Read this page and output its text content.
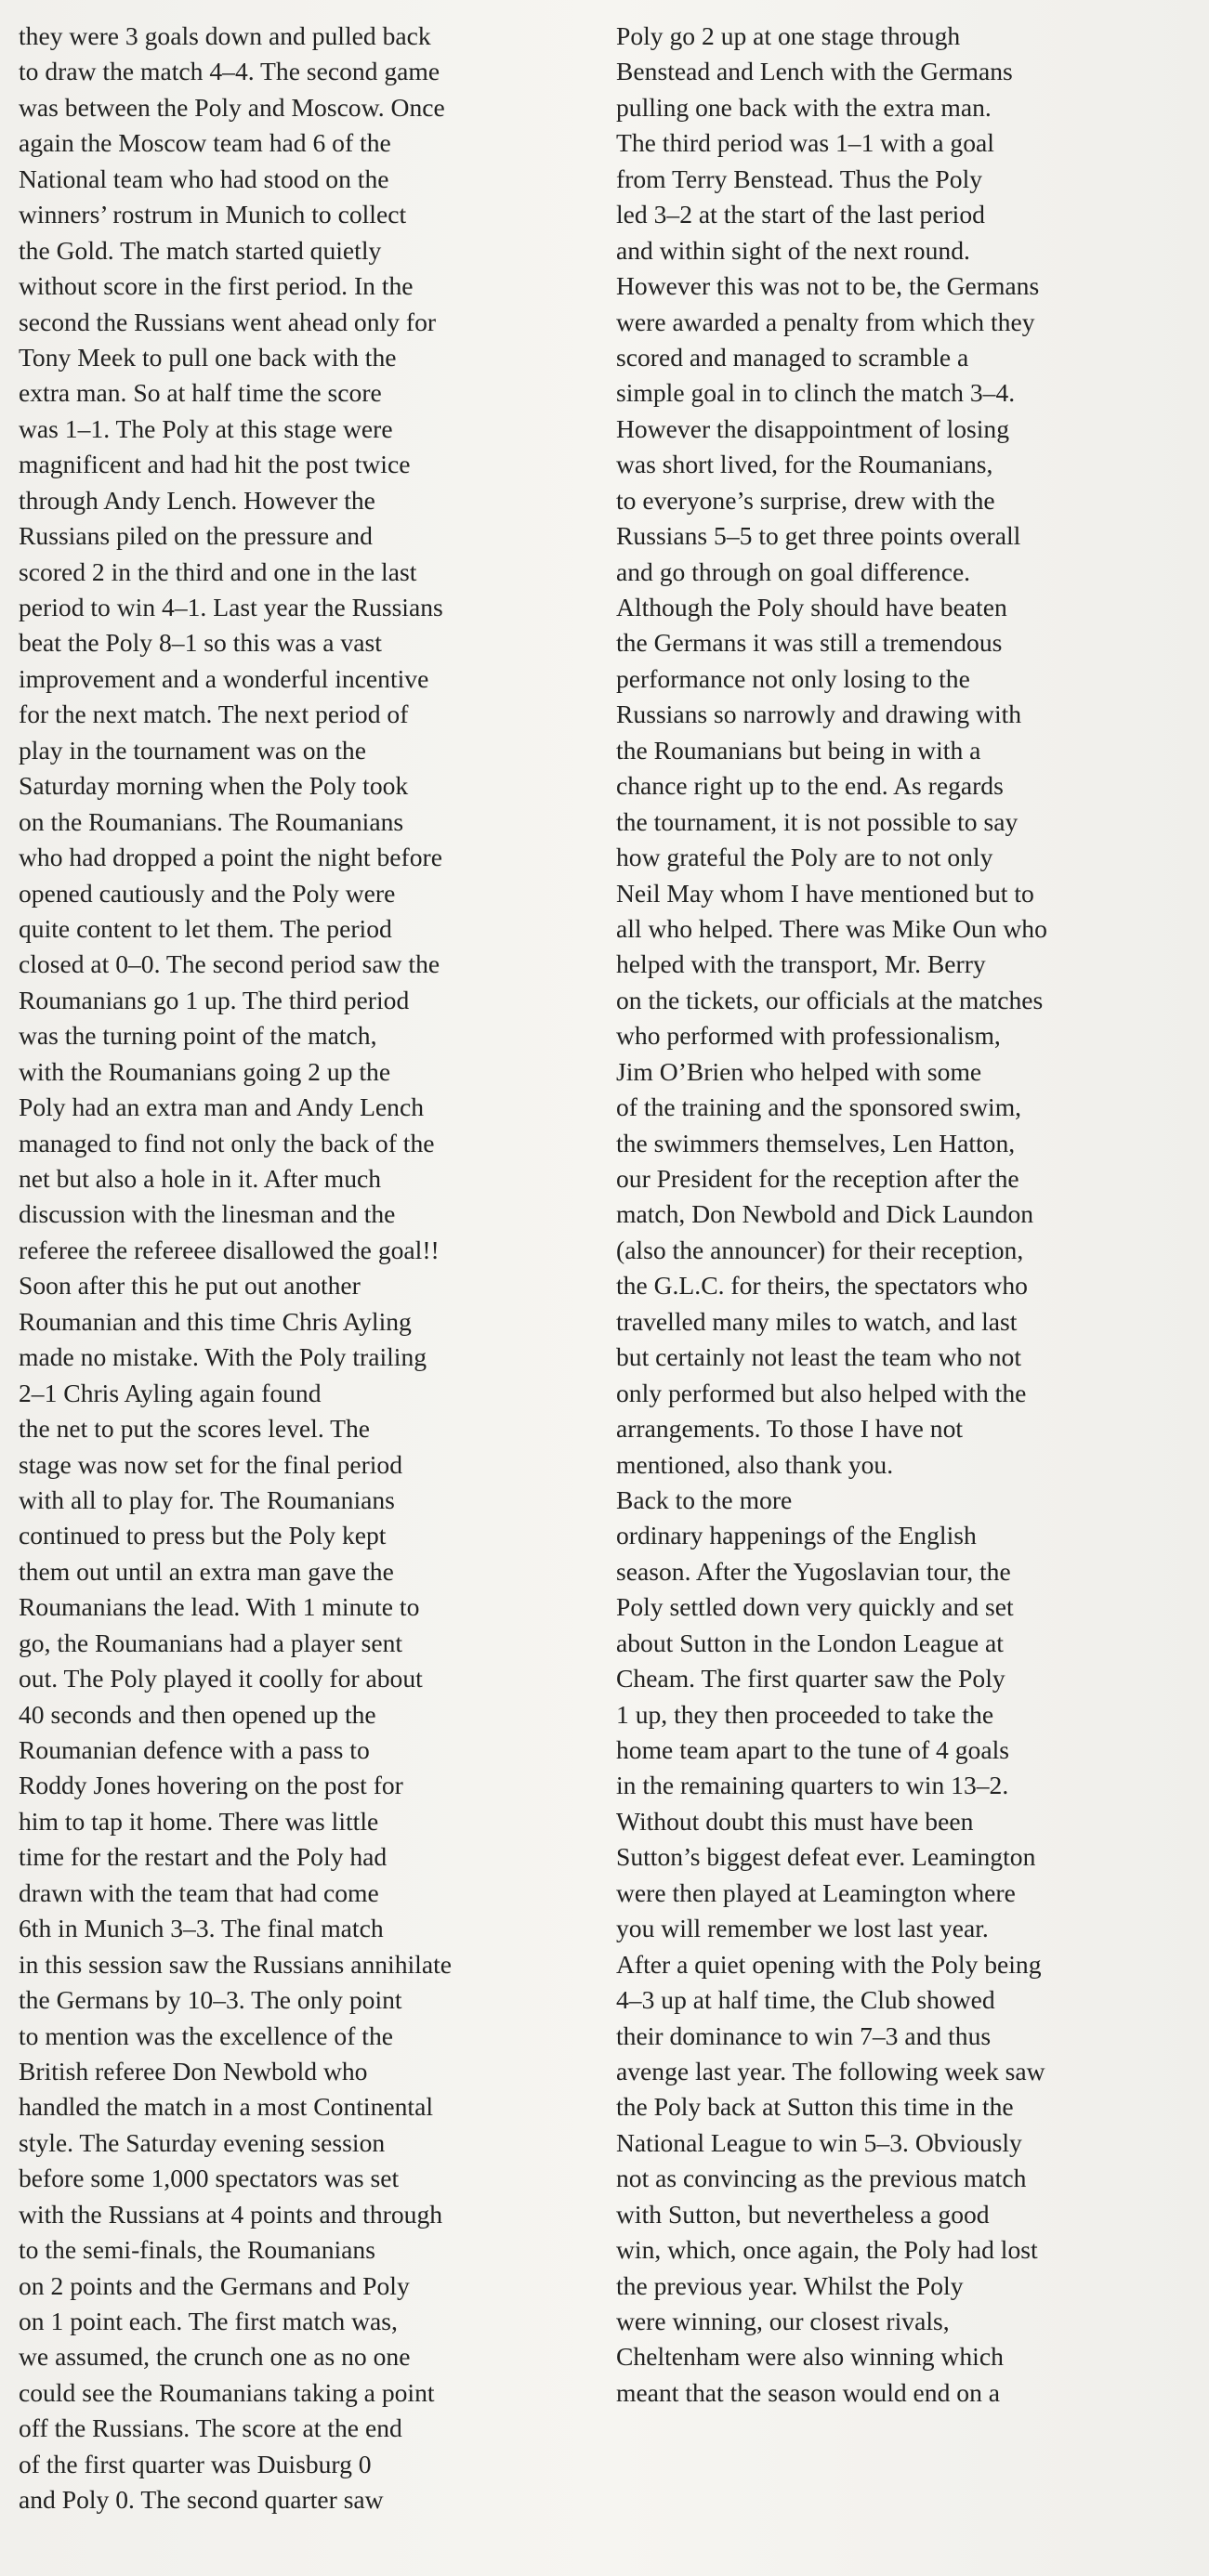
they were 3 goals down and pulled back
to draw the match 4–4. The second game
was between the Poly and Moscow. Once
again the Moscow team had 6 of the
National team who had stood on the
winners’ rostrum in Munich to collect
the Gold. The match started quietly
without score in the first period. In the
second the Russians went ahead only for
Tony Meek to pull one back with the
extra man. So at half time the score
was 1–1. The Poly at this stage were
magnificent and had hit the post twice
through Andy Lench. However the
Russians piled on the pressure and
scored 2 in the third and one in the last
period to win 4–1. Last year the Russians
beat the Poly 8–1 so this was a vast
improvement and a wonderful incentive
for the next match. The next period of
play in the tournament was on the
Saturday morning when the Poly took
on the Roumanians. The Roumanians
who had dropped a point the night before
opened cautiously and the Poly were
quite content to let them. The period
closed at 0–0. The second period saw the
Roumanians go 1 up. The third period
was the turning point of the match,
with the Roumanians going 2 up the
Poly had an extra man and Andy Lench
managed to find not only the back of the
net but also a hole in it. After much
discussion with the linesman and the
referee the refereee disallowed the goal!!
Soon after this he put out another
Roumanian and this time Chris Ayling
made no mistake. With the Poly trailing
2–1 Chris Ayling again found
the net to put the scores level. The
stage was now set for the final period
with all to play for. The Roumanians
continued to press but the Poly kept
them out until an extra man gave the
Roumanians the lead. With 1 minute to
go, the Roumanians had a player sent
out. The Poly played it coolly for about
40 seconds and then opened up the
Roumanian defence with a pass to
Roddy Jones hovering on the post for
him to tap it home. There was little
time for the restart and the Poly had
drawn with the team that had come
6th in Munich 3–3. The final match
in this session saw the Russians annihilate
the Germans by 10–3. The only point
to mention was the excellence of the
British referee Don Newbold who
handled the match in a most Continental
style. The Saturday evening session
before some 1,000 spectators was set
with the Russians at 4 points and through
to the semi-finals, the Roumanians
on 2 points and the Germans and Poly
on 1 point each. The first match was,
we assumed, the crunch one as no one
could see the Roumanians taking a point
off the Russians. The score at the end
of the first quarter was Duisburg 0
and Poly 0. The second quarter saw
Poly go 2 up at one stage through
Benstead and Lench with the Germans
pulling one back with the extra man.
The third period was 1–1 with a goal
from Terry Benstead. Thus the Poly
led 3–2 at the start of the last period
and within sight of the next round.
However this was not to be, the Germans
were awarded a penalty from which they
scored and managed to scramble a
simple goal in to clinch the match 3–4.
However the disappointment of losing
was short lived, for the Roumanians,
to everyone’s surprise, drew with the
Russians 5–5 to get three points overall
and go through on goal difference.
Although the Poly should have beaten
the Germans it was still a tremendous
performance not only losing to the
Russians so narrowly and drawing with
the Roumanians but being in with a
chance right up to the end. As regards
the tournament, it is not possible to say
how grateful the Poly are to not only
Neil May whom I have mentioned but to
all who helped. There was Mike Oun who
helped with the transport, Mr. Berry
on the tickets, our officials at the matches
who performed with professionalism,
Jim O’Brien who helped with some
of the training and the sponsored swim,
the swimmers themselves, Len Hatton,
our President for the reception after the
match, Don Newbold and Dick Laundon
(also the announcer) for their reception,
the G.L.C. for theirs, the spectators who
travelled many miles to watch, and last
but certainly not least the team who not
only performed but also helped with the
arrangements. To those I have not
mentioned, also thank you.
Back to the more
ordinary happenings of the English
season. After the Yugoslavian tour, the
Poly settled down very quickly and set
about Sutton in the London League at
Cheam. The first quarter saw the Poly
1 up, they then proceeded to take the
home team apart to the tune of 4 goals
in the remaining quarters to win 13–2.
Without doubt this must have been
Sutton’s biggest defeat ever. Leamington
were then played at Leamington where
you will remember we lost last year.
After a quiet opening with the Poly being
4–3 up at half time, the Club showed
their dominance to win 7–3 and thus
avenge last year. The following week saw
the Poly back at Sutton this time in the
National League to win 5–3. Obviously
not as convincing as the previous match
with Sutton, but nevertheless a good
win, which, once again, the Poly had lost
the previous year. Whilst the Poly
were winning, our closest rivals,
Cheltenham were also winning which
meant that the season would end on a
